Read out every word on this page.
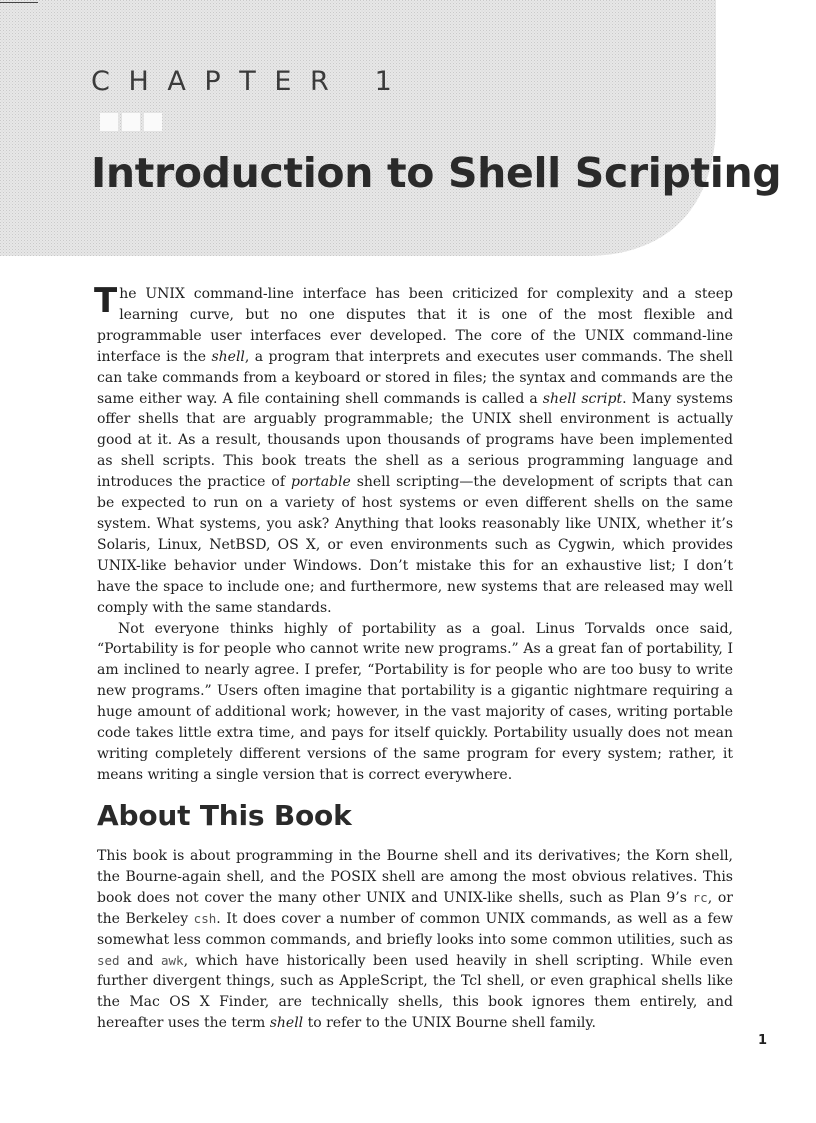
CHAPTER 1
Introduction to Shell Scripting

T he UNIX command-line interface has been criticized for complexity and a steep learning curve, but no one disputes that it is one of the most flexible and programmable user interfaces ever developed. The core of the UNIX command-line interface is the shell, a program that interprets and executes user commands. The shell can take commands from a keyboard or stored in files; the syntax and commands are the same either way. A file containing shell commands is called a shell script. Many systems offer shells that are arguably programmable; the UNIX shell environment is actually good at it. As a result, thousands upon thousands of programs have been implemented as shell scripts. This book treats the shell as a serious programming language and introduces the practice of portable shell scripting—the development of scripts that can be expected to run on a variety of host systems or even different shells on the same system. What systems, you ask? Anything that looks reasonably like UNIX, whether it’s Solaris, Linux, NetBSD, OS X, or even environments such as Cygwin, which provides UNIX-like behavior under Windows. Don’t mistake this for an exhaustive list; I don’t have the space to include one; and furthermore, new systems that are released may well comply with the same standards.

Not everyone thinks highly of portability as a goal. Linus Torvalds once said, “Portability is for people who cannot write new programs.” As a great fan of portability, I am inclined to nearly agree. I prefer, “Portability is for people who are too busy to write new programs.” Users often imagine that portability is a gigantic nightmare requiring a huge amount of additional work; however, in the vast majority of cases, writing portable code takes little extra time, and pays for itself quickly. Portability usually does not mean writing completely different versions of the same program for every system; rather, it means writing a single version that is correct everywhere.

About This Book

This book is about programming in the Bourne shell and its derivatives; the Korn shell, the Bourne-again shell, and the POSIX shell are among the most obvious relatives. This book does not cover the many other UNIX and UNIX-like shells, such as Plan 9’s rc, or the Berkeley csh. It does cover a number of common UNIX commands, as well as a few somewhat less common commands, and briefly looks into some common utilities, such as sed and awk, which have historically been used heavily in shell scripting. While even further divergent things, such as AppleScript, the Tcl shell, or even graphical shells like the Mac OS X Finder, are technically shells, this book ignores them entirely, and hereafter uses the term shell to refer to the UNIX Bourne shell family.

1
